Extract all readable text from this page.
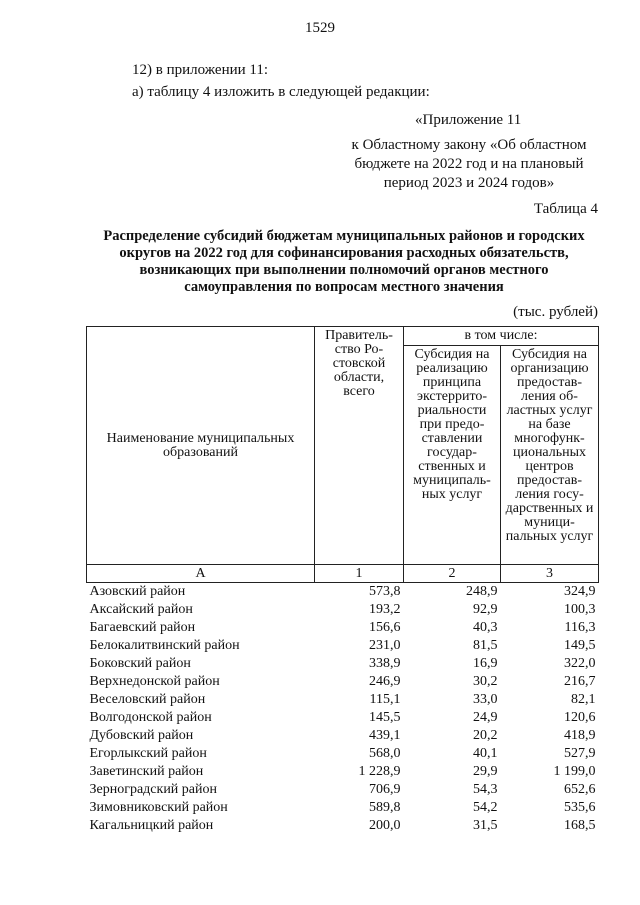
1529
12) в приложении 11:
а) таблицу 4 изложить в следующей редакции:
«Приложение 11
к Областному закону «Об областном
бюджете на 2022 год и на плановый
период 2023 и 2024 годов»
Таблица 4
Распределение субсидий бюджетам муниципальных районов и городских
округов на 2022 год для софинансирования расходных обязательств,
возникающих при выполнении полномочий органов местного
самоуправления по вопросам местного значения
(тыс. рублей)
Наименование муниципальных образований	Правитель-ство Ро-стовской области, всего	в том числе:	
		Субсидия на реализацию принципа экстеррито-риальности при предо-ставлении государ-ственных и муниципаль-ных услуг	Субсидия на организацию предостав-ления об-ластных услуг на базе многофунк-циональных центров предостав-ления госу-дарственных и муници-пальных услуг
А	1	2	3
Азовский район	573,8	248,9	324,9
Аксайский район	193,2	92,9	100,3
Багаевский район	156,6	40,3	116,3
Белокалитвинский район	231,0	81,5	149,5
Боковский район	338,9	16,9	322,0
Верхнедонской район	246,9	30,2	216,7
Веселовский район	115,1	33,0	82,1
Волгодонской район	145,5	24,9	120,6
Дубовский район	439,1	20,2	418,9
Егорлыкский район	568,0	40,1	527,9
Заветинский район	1 228,9	29,9	1 199,0
Зерноградский район	706,9	54,3	652,6
Зимовниковский район	589,8	54,2	535,6
Кагальницкий район	200,0	31,5	168,5
